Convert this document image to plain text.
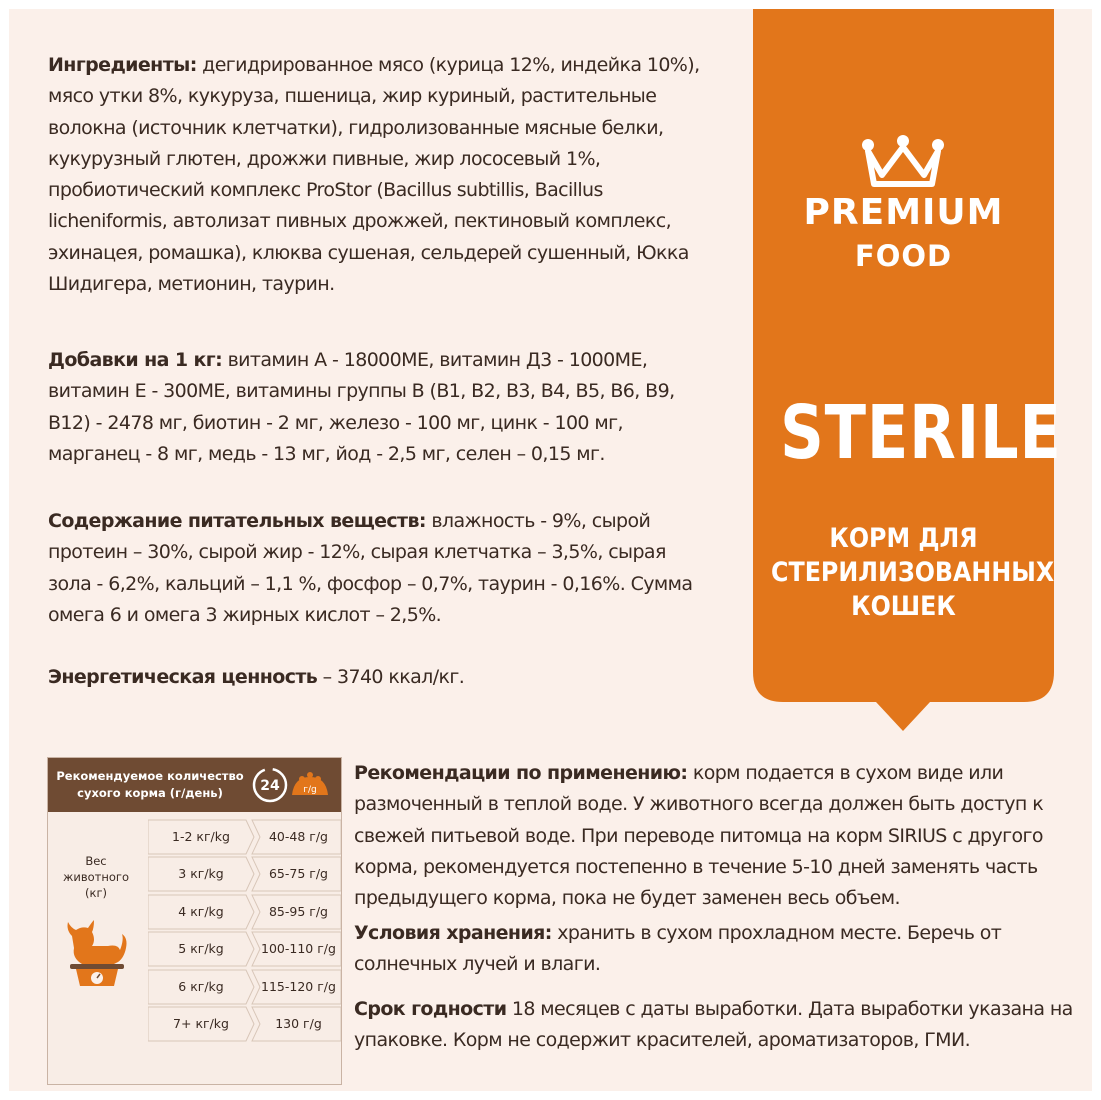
Ингредиенты: дегидрированное мясо (курица 12%, индейка 10%), мясо утки 8%, кукуруза, пшеница, жир куриный, растительные волокна (источник клетчатки), гидролизованные мясные белки, кукурузный глютен, дрожжи пивные, жир лососевый 1%, пробиотический комплекс ProStor (Bacillus subtillis, Bacillus licheniformis, автолизат пивных дрожжей, пектиновый комплекс, эхинацея, ромашка), клюква сушеная, сельдерей сушенный, Юкка Шидигера, метионин, таурин.

Добавки на 1 кг: витамин А - 18000МЕ, витамин Д3 - 1000МЕ, витамин Е - 300МЕ, витамины группы В (В1, В2, В3, В4, В5, В6, В9, В12) - 2478 мг, биотин - 2 мг, железо - 100 мг, цинк - 100 мг, марганец - 8 мг, медь - 13 мг, йод - 2,5 мг, селен – 0,15 мг.

Содержание питательных веществ: влажность - 9%, сырой протеин – 30%, сырой жир - 12%, сырая клетчатка – 3,5%, сырая зола - 6,2%, кальций – 1,1 %, фосфор – 0,7%, таурин - 0,16%. Сумма омега 6 и омега 3 жирных кислот – 2,5%.

Энергетическая ценность – 3740 ккал/кг.

PREMIUM
FOOD
STERILE
КОРМ ДЛЯ
СТЕРИЛИЗОВАННЫХ
КОШЕК
Рекомендуемое количество
сухого корма (г/день)	24	г/g
Вес
животного
(кг)
1-2 кг/kg	40-48 г/g
3 кг/kg	65-75 г/g
4 кг/kg	85-95 г/g
5 кг/kg	100-110 г/g
6 кг/kg	115-120 г/g
7+ кг/kg	130 г/g

Рекомендации по применению: корм подается в сухом виде или размоченный в теплой воде. У животного всегда должен быть доступ к свежей питьевой воде. При переводе питомца на корм SIRIUS с другого корма, рекомендуется постепенно в течение 5-10 дней заменять часть предыдущего корма, пока не будет заменен весь объем.

Условия хранения: хранить в сухом прохладном месте. Беречь от солнечных лучей и влаги.

Срок годности 18 месяцев с даты выработки. Дата выработки указана на упаковке. Корм не содержит красителей, ароматизаторов, ГМИ.
